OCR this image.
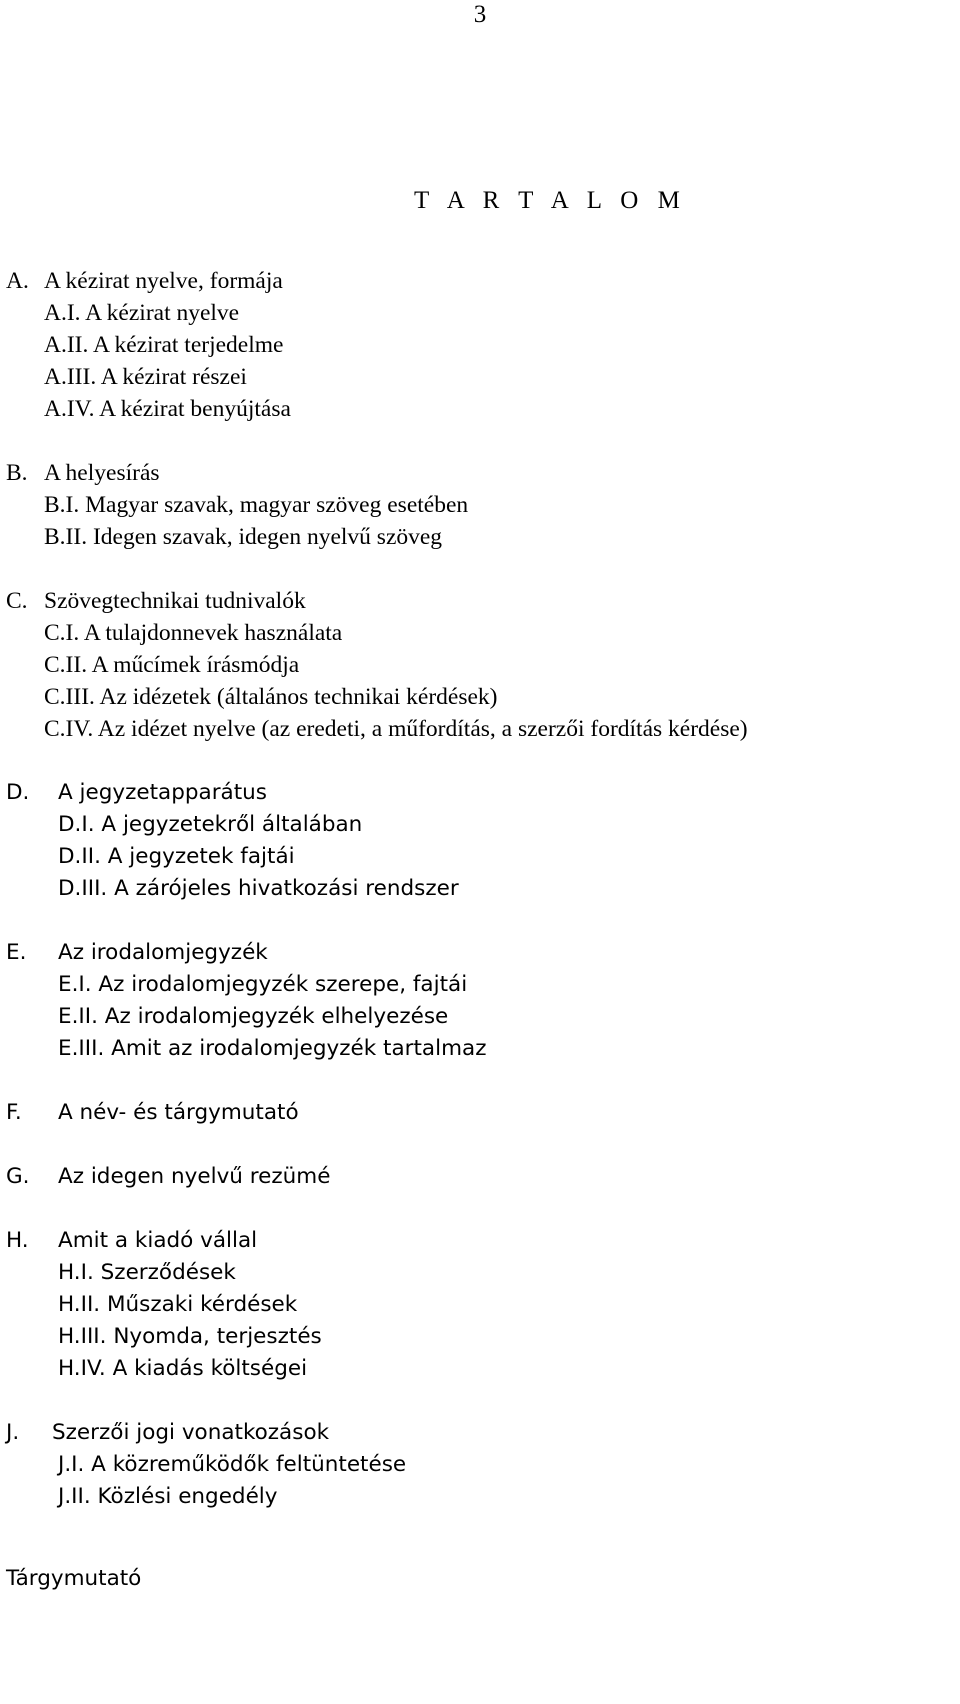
3
T A R T A L O M
A. A kézirat nyelve, formája
A.I. A kézirat nyelve
A.II. A kézirat terjedelme
A.III. A kézirat részei
A.IV. A kézirat benyújtása
B. A helyesírás
B.I. Magyar szavak, magyar szöveg esetében
B.II. Idegen szavak, idegen nyelvű szöveg
C. Szövegtechnikai tudnivalók
C.I. A tulajdonnevek használata
C.II. A műcímek írásmódja
C.III. Az idézetek (általános technikai kérdések)
C.IV. Az idézet nyelve (az eredeti, a műfordítás, a szerzői fordítás kérdése)
D. A jegyzetapparátus
D.I. A jegyzetekről általában
D.II. A jegyzetek fajtái
D.III. A zárójeles hivatkozási rendszer
E. Az irodalomjegyzék
E.I. Az irodalomjegyzék szerepe, fajtái
E.II. Az irodalomjegyzék elhelyezése
E.III. Amit az irodalomjegyzék tartalmaz
F. A név- és tárgymutató
G. Az idegen nyelvű rezümé
H. Amit a kiadó vállal
H.I. Szerződések
H.II. Műszaki kérdések
H.III. Nyomda, terjesztés
H.IV. A kiadás költségei
J. Szerzői jogi vonatkozások
J.I. A közreműködők feltüntetése
J.II. Közlési engedély
Tárgymutató
